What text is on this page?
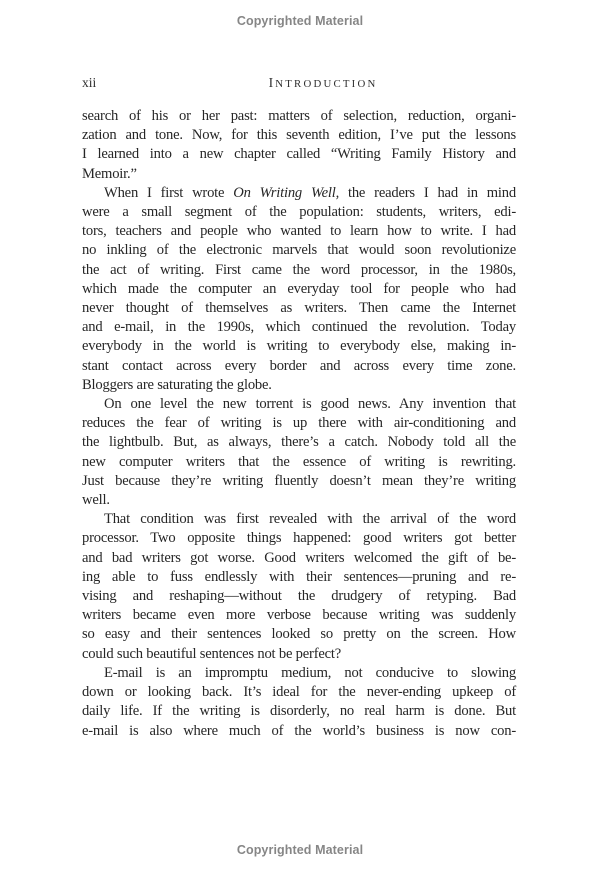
Copyrighted Material
xii	INTRODUCTION
search of his or her past: matters of selection, reduction, organi-
zation and tone. Now, for this seventh edition, I’ve put the lessons
I learned into a new chapter called “Writing Family History and
Memoir.”
When I first wrote On Writing Well, the readers I had in mind
were a small segment of the population: students, writers, edi-
tors, teachers and people who wanted to learn how to write. I had
no inkling of the electronic marvels that would soon revolutionize
the act of writing. First came the word processor, in the 1980s,
which made the computer an everyday tool for people who had
never thought of themselves as writers. Then came the Internet
and e-mail, in the 1990s, which continued the revolution. Today
everybody in the world is writing to everybody else, making in-
stant contact across every border and across every time zone.
Bloggers are saturating the globe.
On one level the new torrent is good news. Any invention that
reduces the fear of writing is up there with air-conditioning and
the lightbulb. But, as always, there’s a catch. Nobody told all the
new computer writers that the essence of writing is rewriting.
Just because they’re writing fluently doesn’t mean they’re writing
well.
That condition was first revealed with the arrival of the word
processor. Two opposite things happened: good writers got better
and bad writers got worse. Good writers welcomed the gift of be-
ing able to fuss endlessly with their sentences—pruning and re-
vising and reshaping—without the drudgery of retyping. Bad
writers became even more verbose because writing was suddenly
so easy and their sentences looked so pretty on the screen. How
could such beautiful sentences not be perfect?
E-mail is an impromptu medium, not conducive to slowing
down or looking back. It’s ideal for the never-ending upkeep of
daily life. If the writing is disorderly, no real harm is done. But
e-mail is also where much of the world’s business is now con-
Copyrighted Material
